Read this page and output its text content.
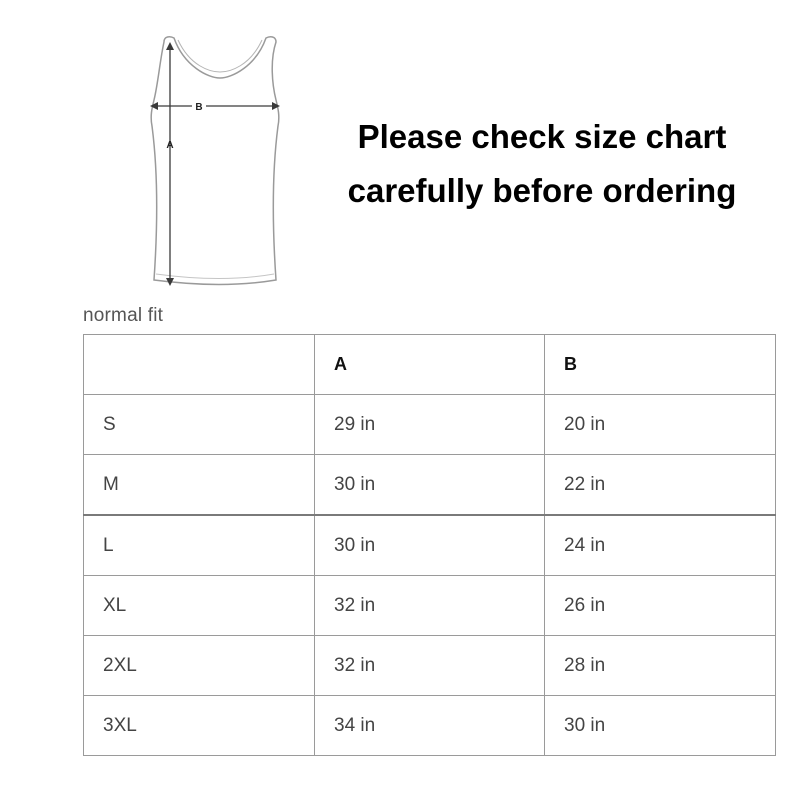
B
A	Please check size chart
carefully before ordering
normal fit
	A	B
S	29 in	20 in
M	30 in	22 in
L	30 in	24 in
XL	32 in	26 in
2XL	32 in	28 in
3XL	34 in	30 in
